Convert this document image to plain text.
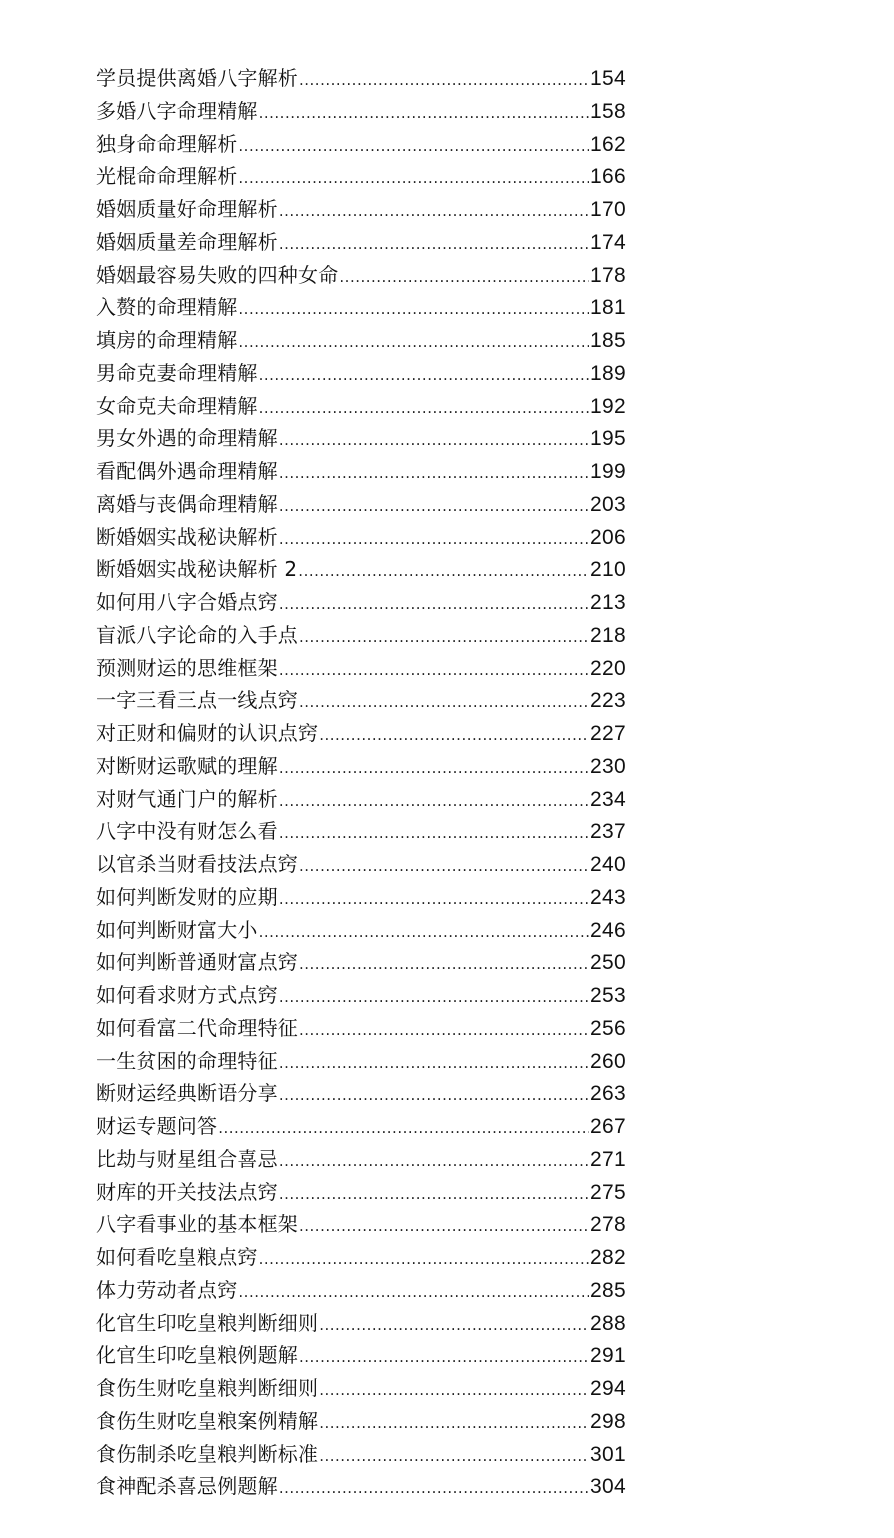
学员提供离婚八字解析 .....	154
多婚八字命理精解 .....	158
独身命命理解析 .....	162
光棍命命理解析 .....	166
婚姻质量好命理解析 .....	170
婚姻质量差命理解析 .....	174
婚姻最容易失败的四种女命 .....	178
入赘的命理精解 .....	181
填房的命理精解 .....	185
男命克妻命理精解 .....	189
女命克夫命理精解 .....	192
男女外遇的命理精解 .....	195
看配偶外遇命理精解 .....	199
离婚与丧偶命理精解 .....	203
断婚姻实战秘诀解析 .....	206
断婚姻实战秘诀解析 2 .....	210
如何用八字合婚点窍 .....	213
盲派八字论命的入手点 .....	218
预测财运的思维框架 .....	220
一字三看三点一线点窍 .....	223
对正财和偏财的认识点窍 .....	227
对断财运歌赋的理解 .....	230
对财气通门户的解析 .....	234
八字中没有财怎么看 .....	237
以官杀当财看技法点窍 .....	240
如何判断发财的应期 .....	243
如何判断财富大小 .....	246
如何判断普通财富点窍 .....	250
如何看求财方式点窍 .....	253
如何看富二代命理特征 .....	256
一生贫困的命理特征 .....	260
断财运经典断语分享 .....	263
财运专题问答 .....	267
比劫与财星组合喜忌 .....	271
财库的开关技法点窍 .....	275
八字看事业的基本框架 .....	278
如何看吃皇粮点窍 .....	282
体力劳动者点窍 .....	285
化官生印吃皇粮判断细则 .....	288
化官生印吃皇粮例题解 .....	291
食伤生财吃皇粮判断细则 .....	294
食伤生财吃皇粮案例精解 .....	298
食伤制杀吃皇粮判断标准 .....	301
食神配杀喜忌例题解 .....	304
